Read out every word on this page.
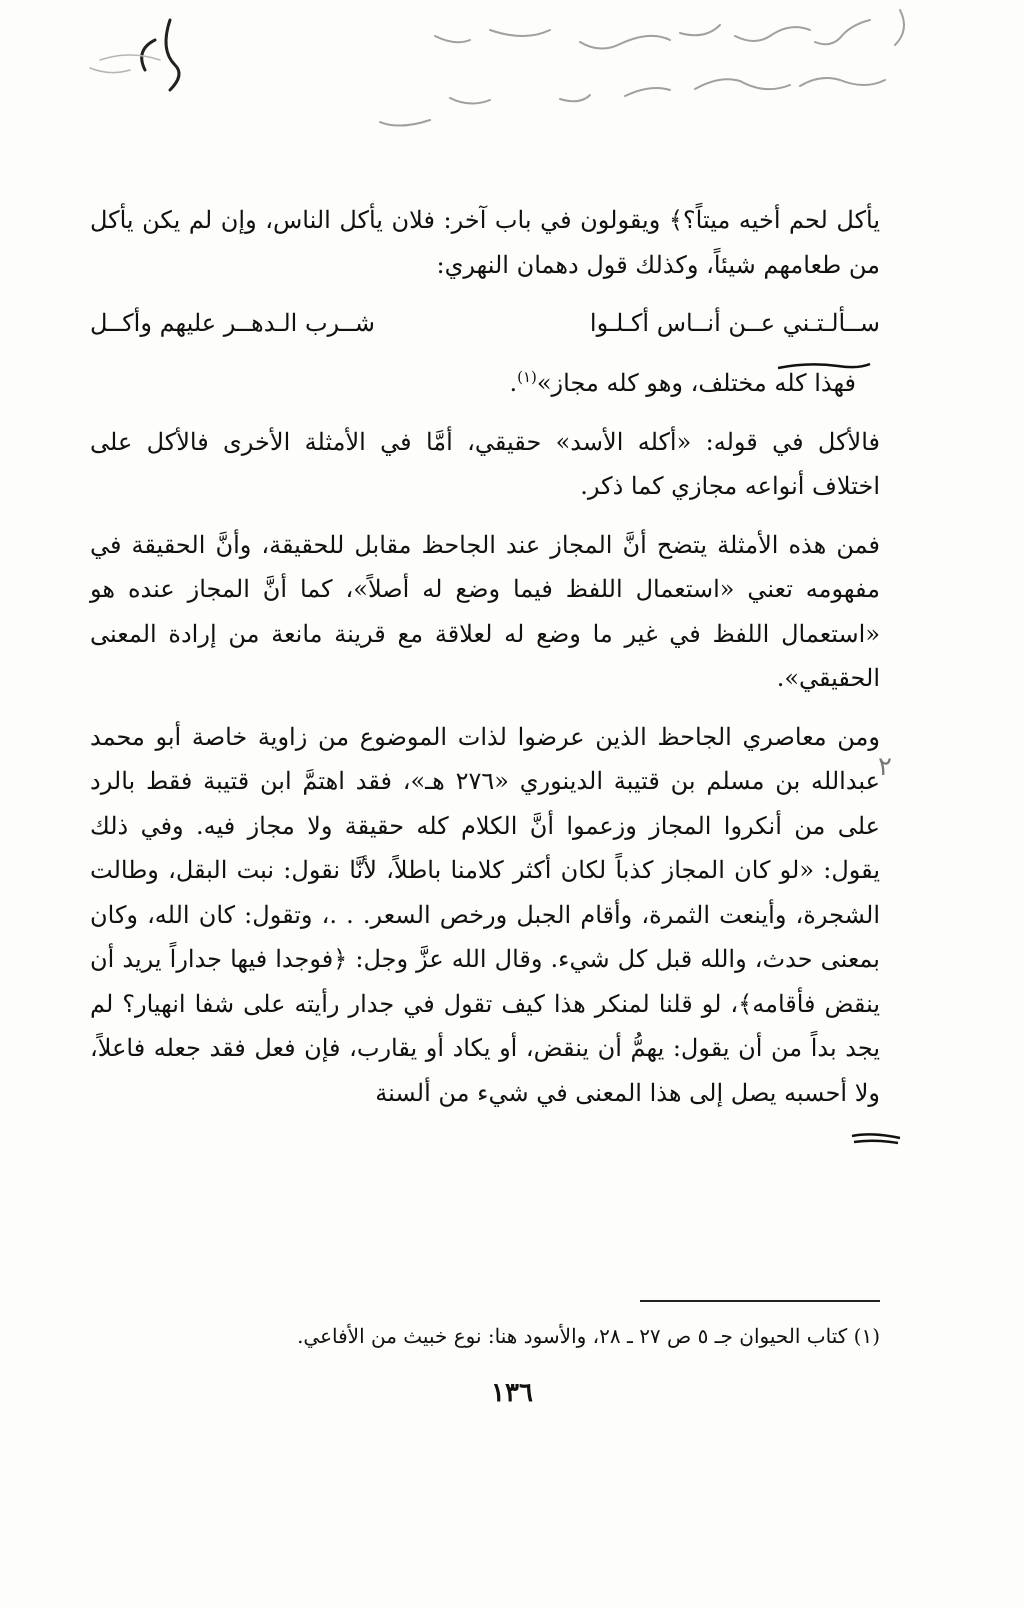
يأكل لحم أخيه ميتاً؟﴾ ويقولون في باب آخر: فلان يأكل الناس، وإن لم يكن يأكل من طعامهم شيئاً، وكذلك قول دهمان النهري:

ســألـتـني عــن أنــاس أكـلـوا
شــرب الـدهــر عليهم وأكــل

فهذا كله مختلف، وهو كله مجاز»$^{(١)}$.

فالأكل في قوله: «أكله الأسد» حقيقي، أمَّا في الأمثلة الأخرى فالأكل على اختلاف أنواعه مجازي كما ذكر.

فمن هذه الأمثلة يتضح أنَّ المجاز عند الجاحظ مقابل للحقيقة، وأنَّ الحقيقة في مفهومه تعني «استعمال اللفظ فيما وضع له أصلاً»، كما أنَّ المجاز عنده هو «استعمال اللفظ في غير ما وضع له لعلاقة مع قرينة مانعة من إرادة المعنى الحقيقي».

ومن معاصري الجاحظ الذين عرضوا لذات الموضوع من زاوية خاصة أبو محمد عبدالله بن مسلم بن قتيبة الدينوري «٢٧٦ هـ»، فقد اهتمَّ ابن قتيبة فقط بالرد على من أنكروا المجاز وزعموا أنَّ الكلام كله حقيقة ولا مجاز فيه. وفي ذلك يقول: «لو كان المجاز كذباً لكان أكثر كلامنا باطلاً، لأنَّا نقول: نبت البقل، وطالت الشجرة، وأينعت الثمرة، وأقام الجبل ورخص السعر. . .، وتقول: كان الله، وكان بمعنى حدث، والله قبل كل شيء. وقال الله عزَّ وجل: ﴿فوجدا فيها جداراً يريد أن ينقض فأقامه﴾، لو قلنا لمنكر هذا كيف تقول في جدار رأيته على شفا انهيار؟ لم يجد بداً من أن يقول: يهمُّ أن ينقض، أو يكاد أو يقارب، فإن فعل فقد جعله فاعلاً، ولا أحسبه يصل إلى هذا المعنى في شيء من ألسنة

٢
(١) كتاب الحيوان جـ ٥ ص ٢٧ ـ ٢٨، والأسود هنا: نوع خبيث من الأفاعي.
١٣٦
